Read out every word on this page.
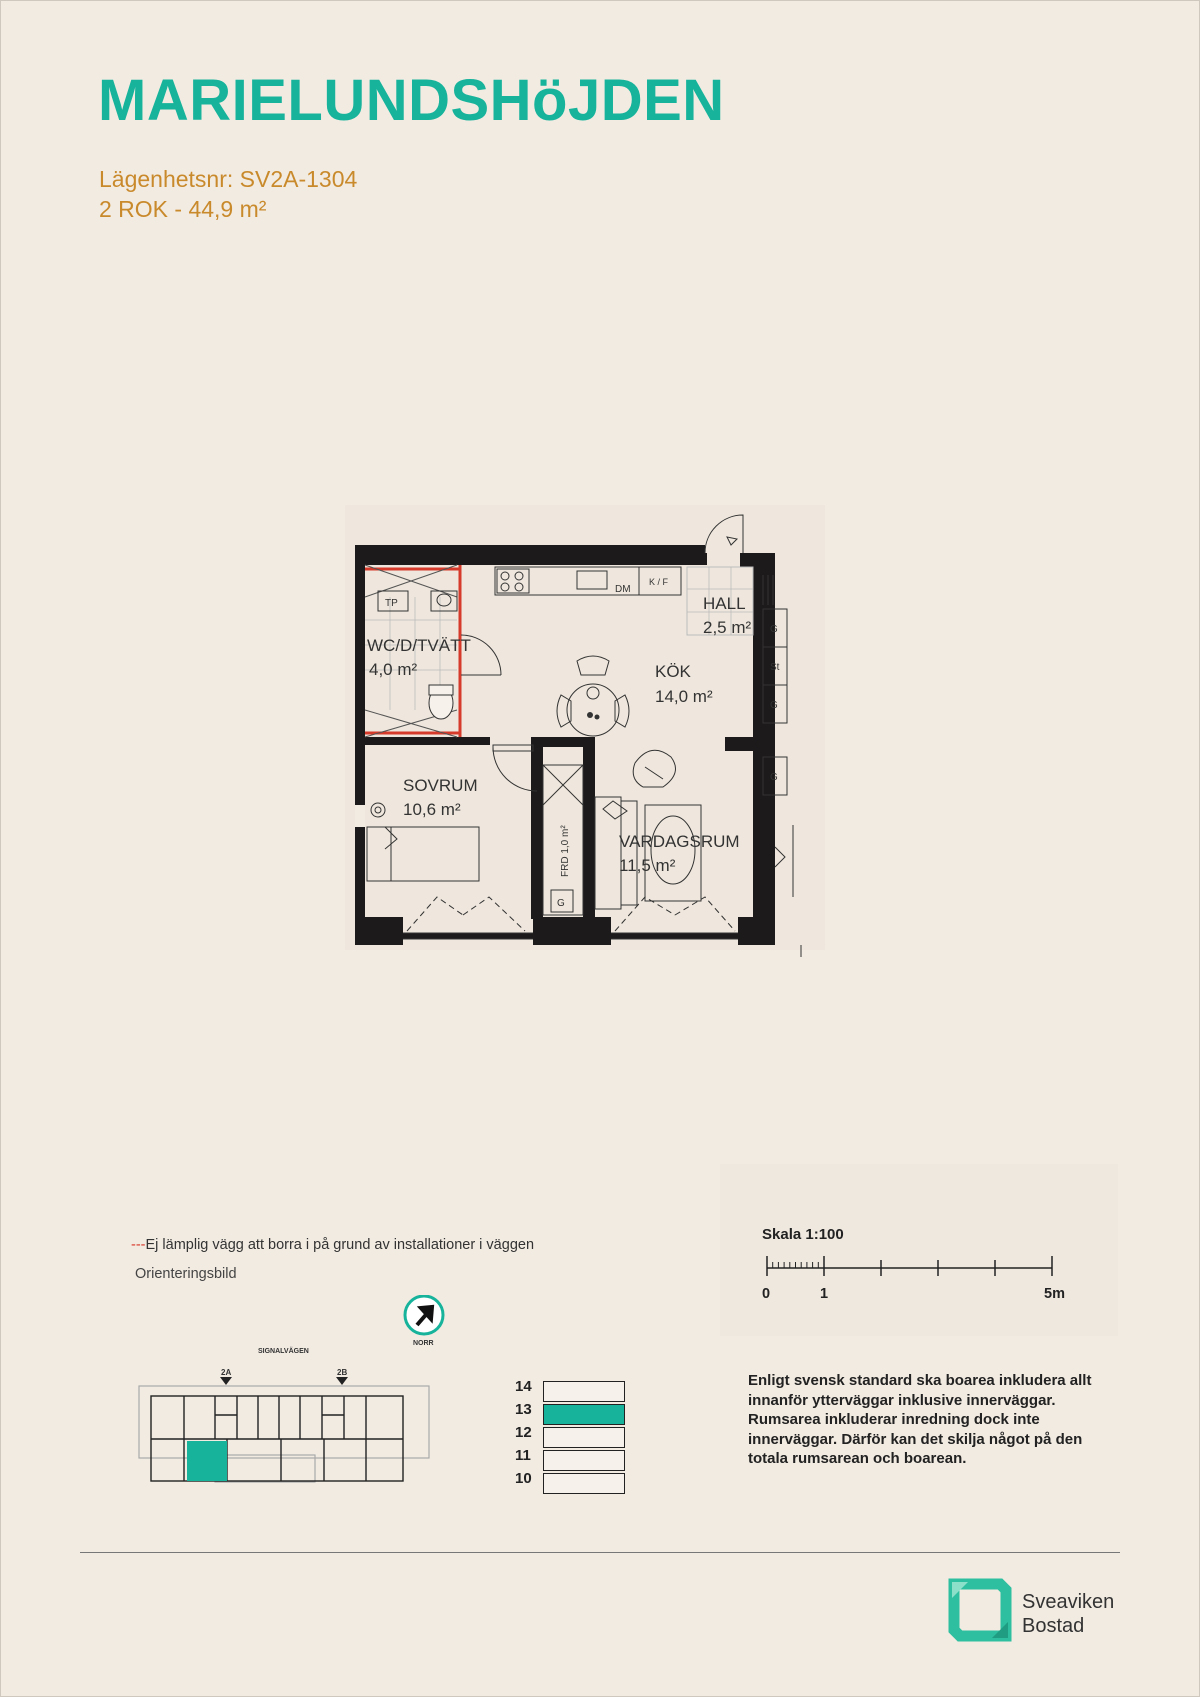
MARIELUNDSHöJDEN
Lägenhetsnr: SV2A-1304
2 ROK - 44,9 m²
TP
DM
K / F
G
St
G
G
G
FRD 1,0 m²
WC/D/TVÄTT
4,0 m²	KÖK
14,0 m²
HALL
2,5 m²
SOVRUM
10,6 m²
VARDAGSRUM
11,5 m²
---Ej lämplig vägg att borra i på grund av installationer i väggen
Orienteringsbild
SIGNALVÄGEN
2A	2B
NORR
14
13
12
11
10
Skala 1:100
0	1	5m
Enligt svensk standard ska boarea inkludera allt innanför ytterväggar inklusive innerväggar. Rumsarea inkluderar inredning dock inte innerväggar. Därför kan det skilja något på den totala rumsarean och boarean.
Sveaviken
Bostad
